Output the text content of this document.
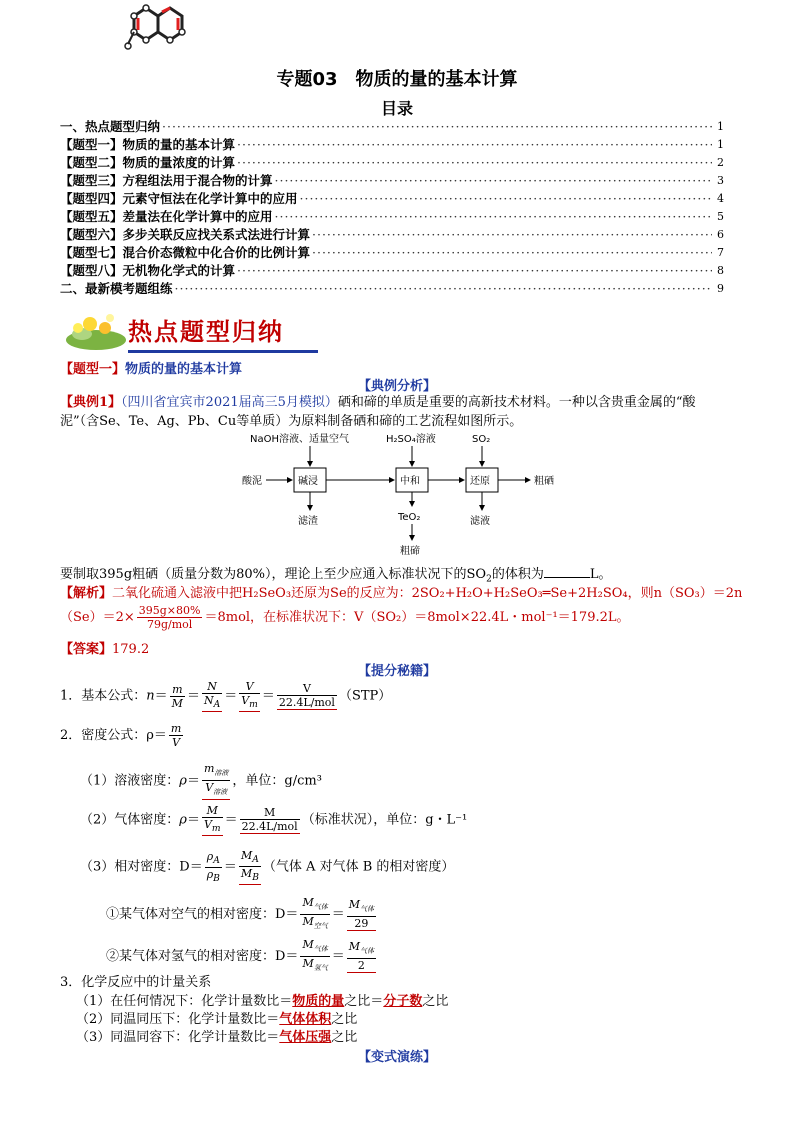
专题03　物质的量的基本计算
目录
一、热点题型归纳 ·····	1
【题型一】物质的量的基本计算 ·····	1
【题型二】物质的量浓度的计算 ·····	2
【题型三】方程组法用于混合物的计算 ·····	3
【题型四】元素守恒法在化学计算中的应用 ·····	4
【题型五】差量法在化学计算中的应用 ·····	5
【题型六】多步关联反应找关系式法进行计算 ·····	6
【题型七】混合价态微粒中化合价的比例计算 ·····	7
【题型八】无机物化学式的计算 ·····	8
二、最新模考题组练 ·····	9
热点题型归纳
【题型一】物质的量的基本计算
【典例分析】
【典例1】（四川省宜宾市2021届高三5月模拟）硒和碲的单质是重要的高新技术材料。一种以含贵重金属的“酸
泥”（含Se、Te、Ag、Pb、Cu等单质）为原料制备硒和碲的工艺流程如图所示。
NaOH溶液、适量空气	H₂SO₄溶液	SO₂
酸泥	碱浸	中和	还原	粗硒
滤渣	TeO₂	滤液
粗碲
要制取395g粗硒（质量分数为80%），理论上至少应通入标准状况下的$SO_2$的体积为	L。
【解析】二氧化硫通入滤液中把H₂SeO₃还原为Se的反应为：2SO₂+H₂O+H₂SeO₃═Se+2H₂SO₄，则n（SO₃）＝2n
$(Se)=2\times \frac{395g\times 80\%}{\text{79g/mol}} =8mol$，在标准状况下：V（SO₂）＝8mol×22.4L・mol⁻¹＝179.2L。
【答案】179.2
【提分秘籍】
1．基本公式：$n= \frac{m}{M} = \frac{N}{N_A} = \frac{V}{V_m} = \frac{V}{\text{22.4L/mol}} (STP)$
2．密度公式：$\rho= \frac{m}{V}$
（1）溶液密度：$\rho= \frac{m_{溶液}}{V_{溶液}}$ ，单位：g/cm³
（2）气体密度：$\rho= \frac{M}{V_m} = \frac{M}{\text{22.4L/mol}}$ （标准状况），单位：g・L⁻¹
（3）相对密度：$D= \frac{\rho_A}{\rho_B} = \frac{M_A}{M_B}$ （气体 A 对气体 B 的相对密度）
①某气体对空气的相对密度：$D= \frac{M_{气体}}{M_{空气}} = \frac{M_{气体}}{29}$
②某气体对氢气的相对密度：$D= \frac{M_{气体}}{M_{氢气}} = \frac{M_{气体}}{2}$
3．化学反应中的计量关系
（1）在任何情况下：化学计量数比＝物质的量之比＝分子数之比
（2）同温同压下：化学计量数比＝气体体积之比
（3）同温同容下：化学计量数比＝气体压强之比
【变式演练】
